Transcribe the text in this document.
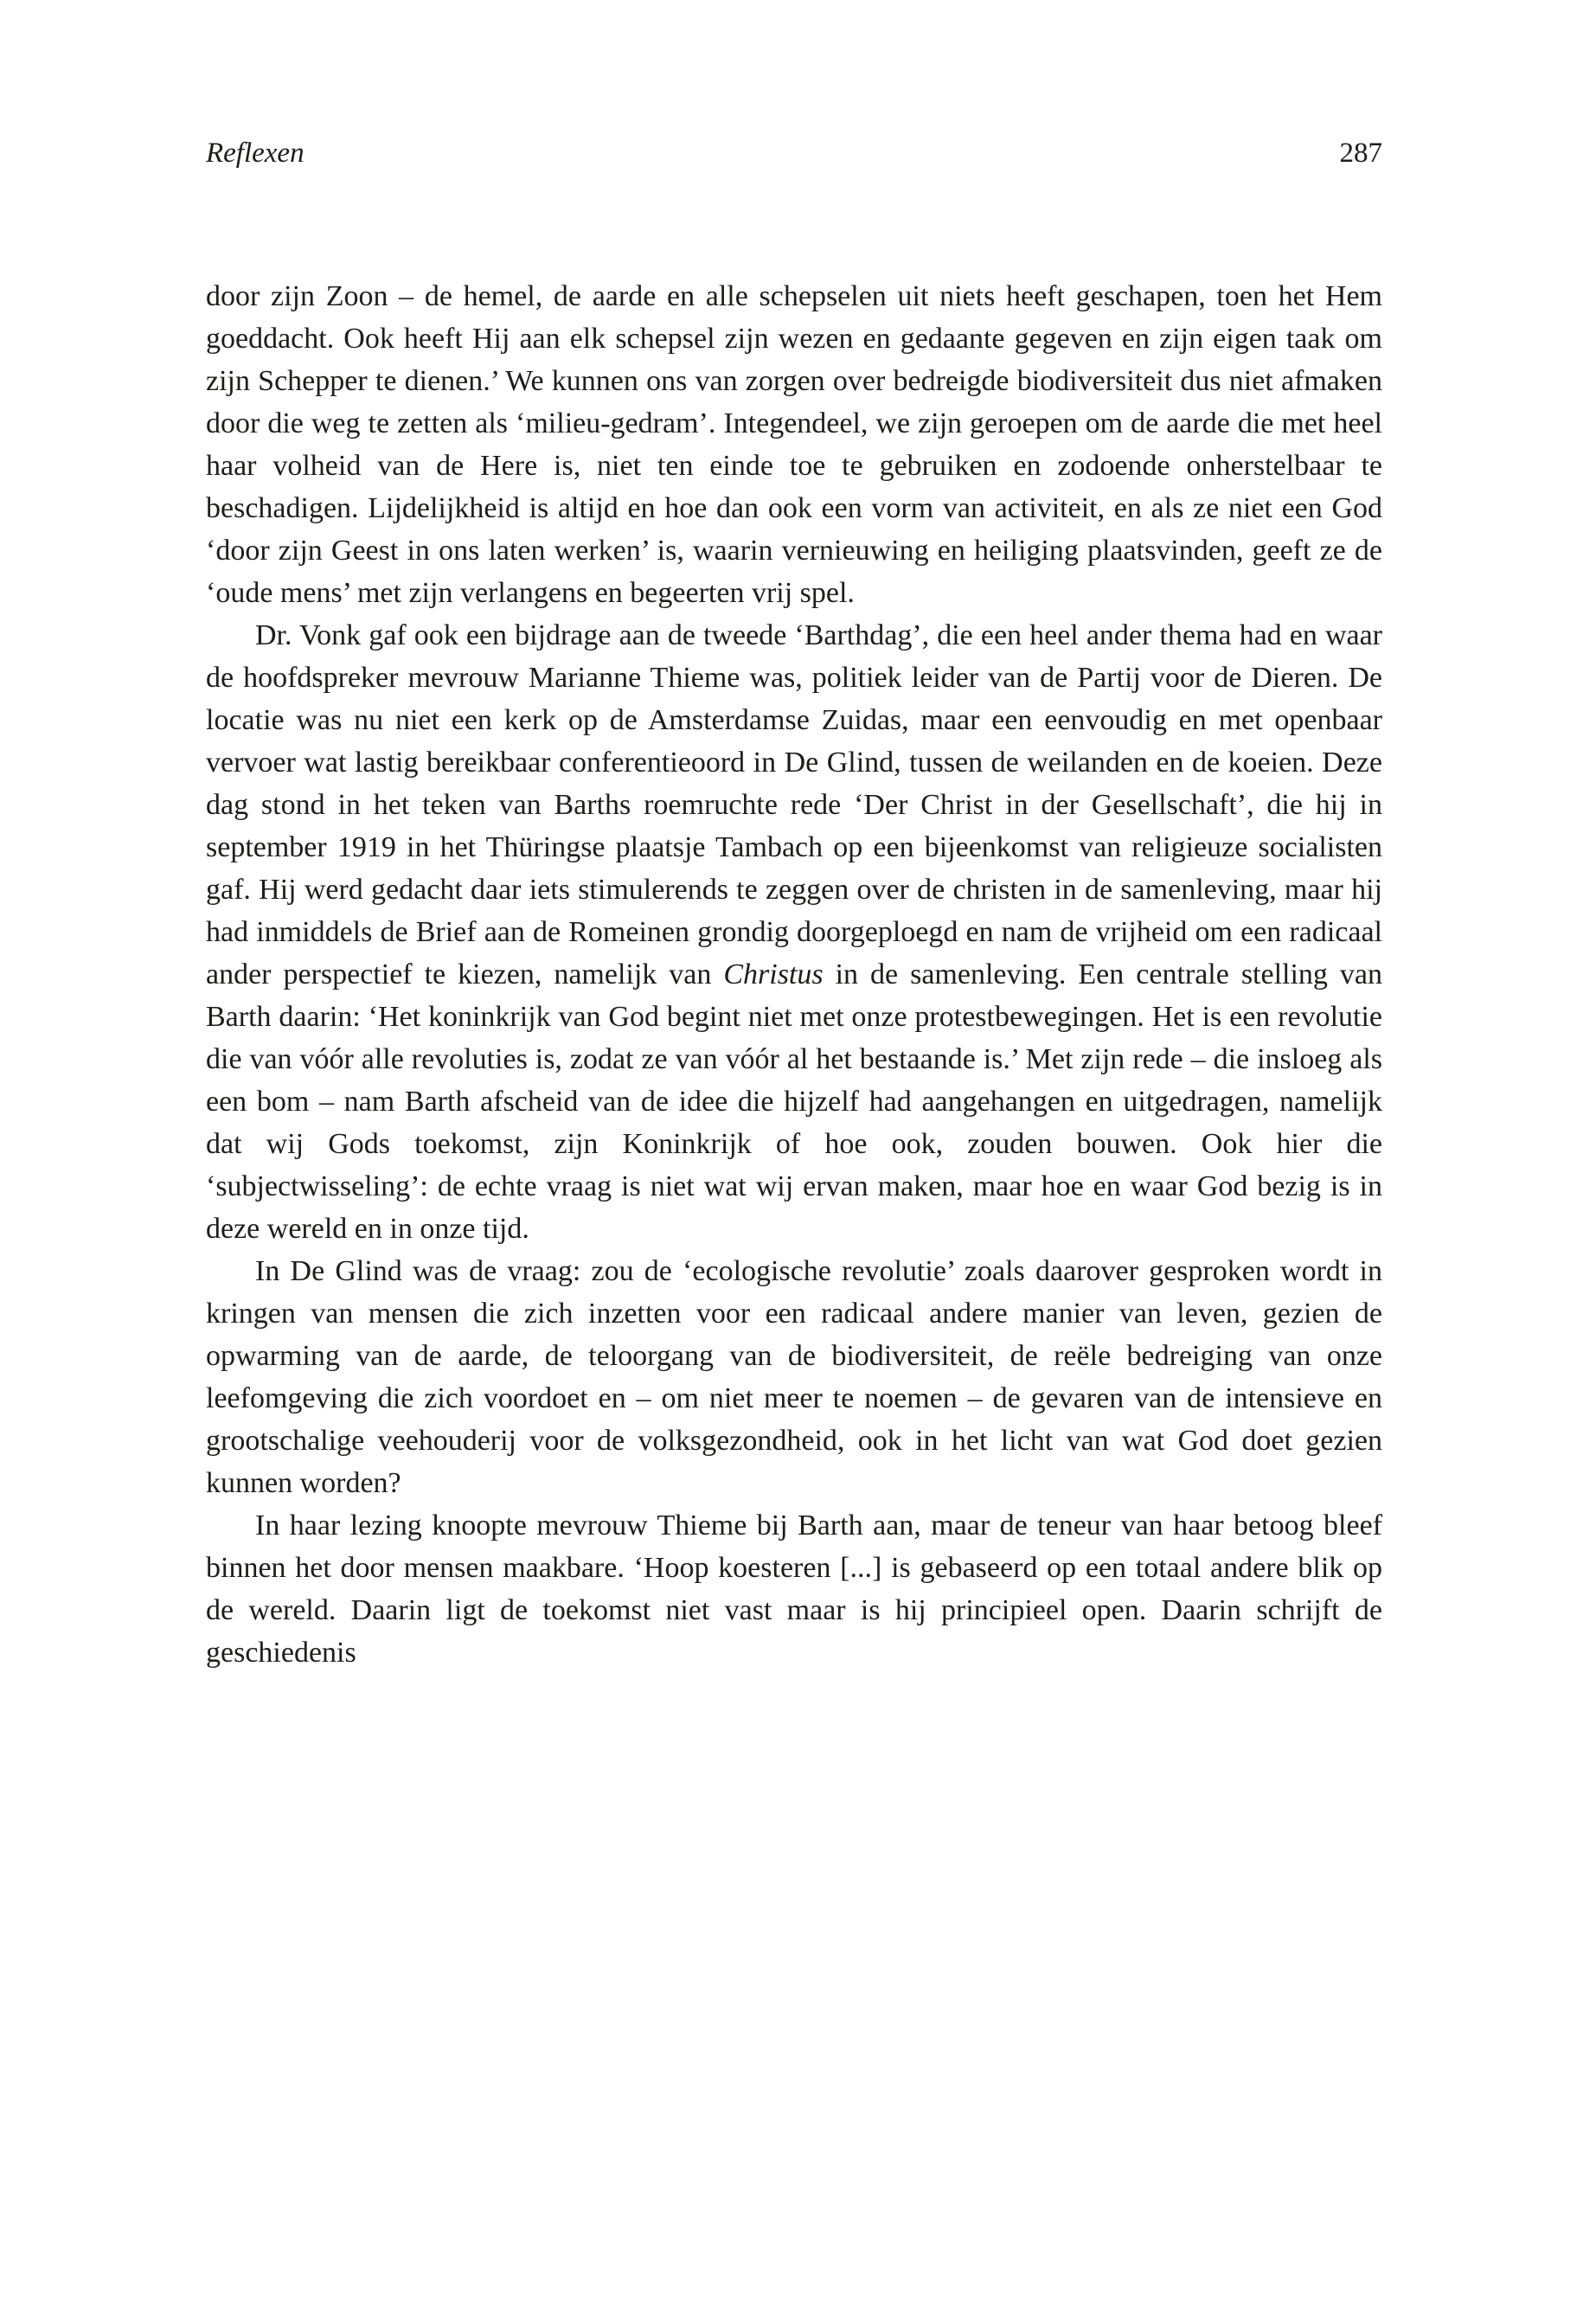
Reflexen	287

door zijn Zoon – de hemel, de aarde en alle schepselen uit niets heeft geschapen, toen het Hem goeddacht. Ook heeft Hij aan elk schepsel zijn wezen en gedaante gegeven en zijn eigen taak om zijn Schepper te dienen.’ We kunnen ons van zorgen over bedreigde biodiversiteit dus niet afmaken door die weg te zetten als ‘milieu-gedram’. Integendeel, we zijn geroepen om de aarde die met heel haar volheid van de Here is, niet ten einde toe te gebruiken en zodoende onherstelbaar te beschadigen. Lijdelijkheid is altijd en hoe dan ook een vorm van activiteit, en als ze niet een God ‘door zijn Geest in ons laten werken’ is, waarin vernieuwing en heiliging plaatsvinden, geeft ze de ‘oude mens’ met zijn verlangens en begeerten vrij spel.

Dr. Vonk gaf ook een bijdrage aan de tweede ‘Barthdag’, die een heel ander thema had en waar de hoofdspreker mevrouw Marianne Thieme was, politiek leider van de Partij voor de Dieren. De locatie was nu niet een kerk op de Amsterdamse Zuidas, maar een eenvoudig en met openbaar vervoer wat lastig bereikbaar conferentieoord in De Glind, tussen de weilanden en de koeien. Deze dag stond in het teken van Barths roemruchte rede ‘Der Christ in der Gesellschaft’, die hij in september 1919 in het Thüringse plaatsje Tambach op een bijeenkomst van religieuze socialisten gaf. Hij werd gedacht daar iets stimulerends te zeggen over de christen in de samenleving, maar hij had inmiddels de Brief aan de Romeinen grondig doorgeploegd en nam de vrijheid om een radicaal ander perspectief te kiezen, namelijk van Christus in de samenleving. Een centrale stelling van Barth daarin: ‘Het koninkrijk van God begint niet met onze protestbewegingen. Het is een revolutie die van vóór alle revoluties is, zodat ze van vóór al het bestaande is.’ Met zijn rede – die insloeg als een bom – nam Barth afscheid van de idee die hijzelf had aangehangen en uitgedragen, namelijk dat wij Gods toekomst, zijn Koninkrijk of hoe ook, zouden bouwen. Ook hier die ‘subjectwisseling’: de echte vraag is niet wat wij ervan maken, maar hoe en waar God bezig is in deze wereld en in onze tijd.

In De Glind was de vraag: zou de ‘ecologische revolutie’ zoals daarover gesproken wordt in kringen van mensen die zich inzetten voor een radicaal andere manier van leven, gezien de opwarming van de aarde, de teloorgang van de biodiversiteit, de reële bedreiging van onze leefomgeving die zich voordoet en – om niet meer te noemen – de gevaren van de intensieve en grootschalige veehouderij voor de volksgezondheid, ook in het licht van wat God doet gezien kunnen worden?

In haar lezing knoopte mevrouw Thieme bij Barth aan, maar de teneur van haar betoog bleef binnen het door mensen maakbare. ‘Hoop koesteren [...] is gebaseerd op een totaal andere blik op de wereld. Daarin ligt de toekomst niet vast maar is hij principieel open. Daarin schrijft de geschiedenis
